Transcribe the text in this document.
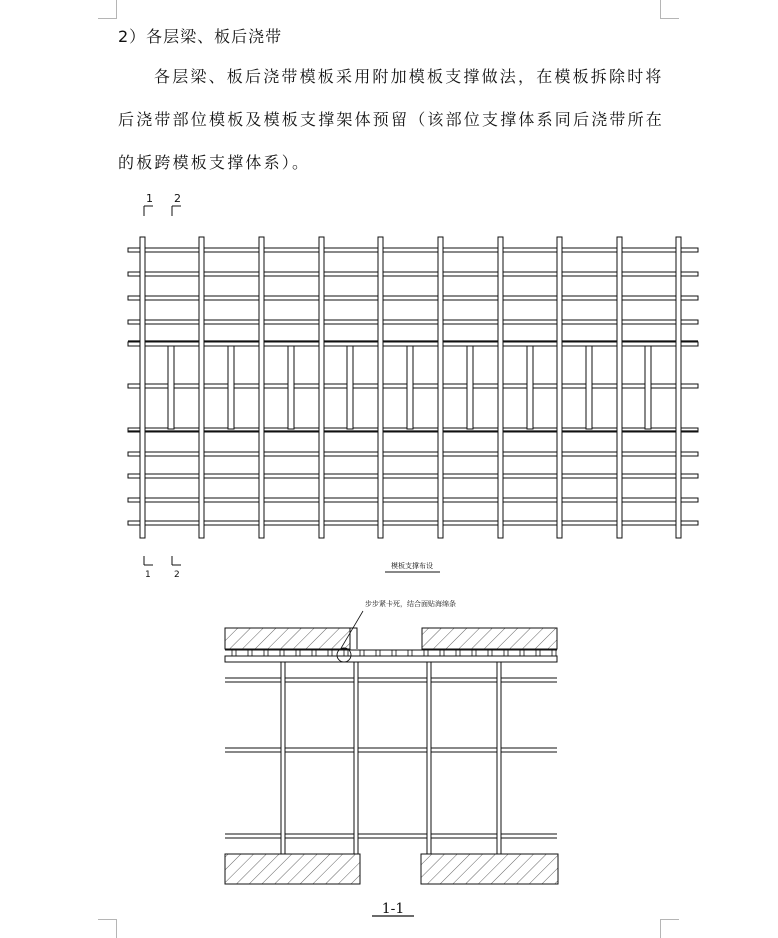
2）各层梁、板后浇带
各层梁、板后浇带模板采用附加模板支撑做法，在模板拆除时将
后浇带部位模板及模板支撑架体预留（该部位支撑体系同后浇带所在
的板跨模板支撑体系）。
1 2
1	2
模板支撑布设
步步紧卡死，结合面贴海绵条
1-1
